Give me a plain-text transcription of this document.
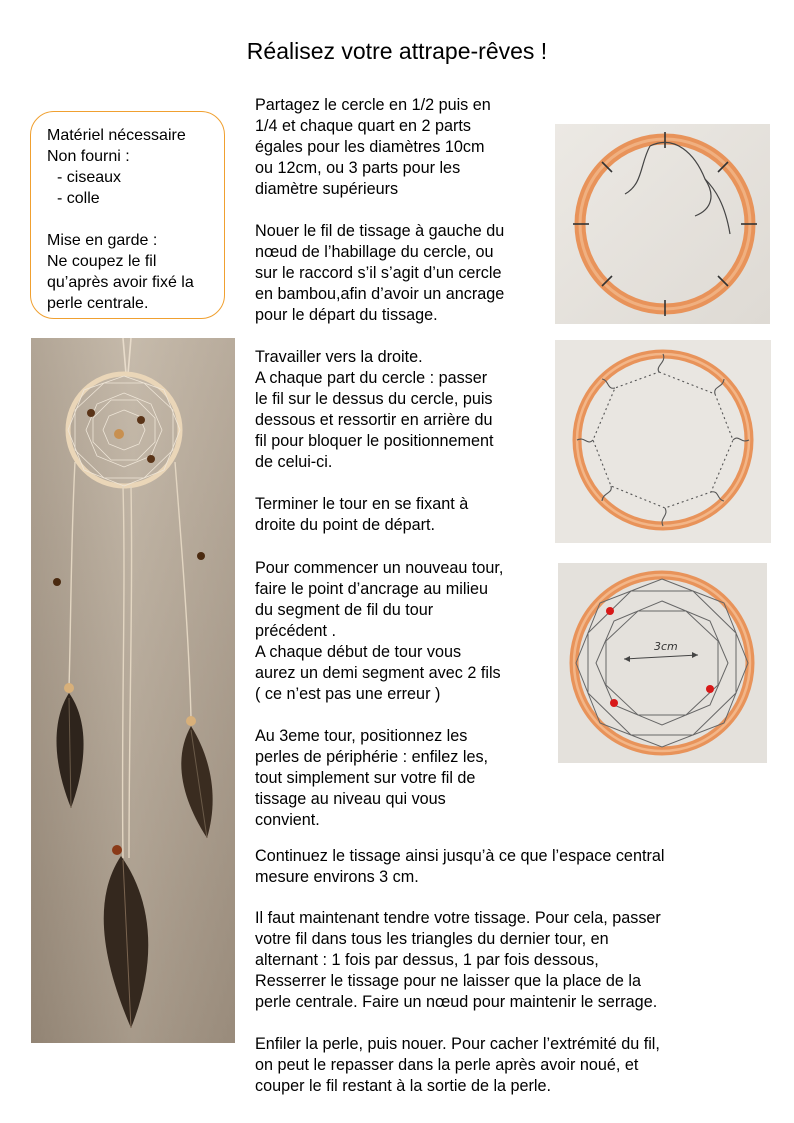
Réalisez votre attrape-rêves !
Matériel nécessaire
Non fourni :
- ciseaux
- colle
Mise en garde :
Ne coupez le fil
qu’après avoir fixé la
perle centrale.
Partagez le cercle en 1/2 puis en
1/4 et chaque quart en 2 parts
égales pour les diamètres 10cm
ou 12cm, ou 3 parts pour les
diamètre supérieurs
Nouer le fil de tissage à gauche du
nœud de l’habillage du cercle, ou
sur le raccord s’il s’agit d’un cercle
en bambou,afin d’avoir un ancrage
pour le départ du tissage.
Travailler vers la droite.
A chaque part du cercle : passer
le fil sur le dessus du cercle, puis
dessous et ressortir en arrière du
fil pour bloquer le positionnement
de celui-ci.
Terminer le tour en se fixant à
droite du point de départ.
Pour commencer un nouveau tour,
faire le point d’ancrage au milieu
du segment de fil du tour
précédent .
A chaque début de tour vous
aurez un demi segment avec 2 fils
( ce n’est pas une erreur )
Au 3eme tour, positionnez les
perles de périphérie : enfilez les,
tout simplement sur votre fil de
tissage au niveau qui vous
convient.
Continuez le tissage ainsi jusqu’à ce que l’espace central
mesure environs 3 cm.
Il faut maintenant tendre votre tissage. Pour cela, passer
votre fil dans tous les triangles du dernier tour, en
alternant : 1 fois par dessus, 1 par fois dessous,
Resserrer le tissage pour ne laisser que la place de la
perle centrale. Faire un nœud pour maintenir le serrage.
Enfiler la perle, puis nouer. Pour cacher l’extrémité du fil,
on peut le repasser dans la perle après avoir noué, et
couper le fil restant à la sortie de la perle.
3cm
